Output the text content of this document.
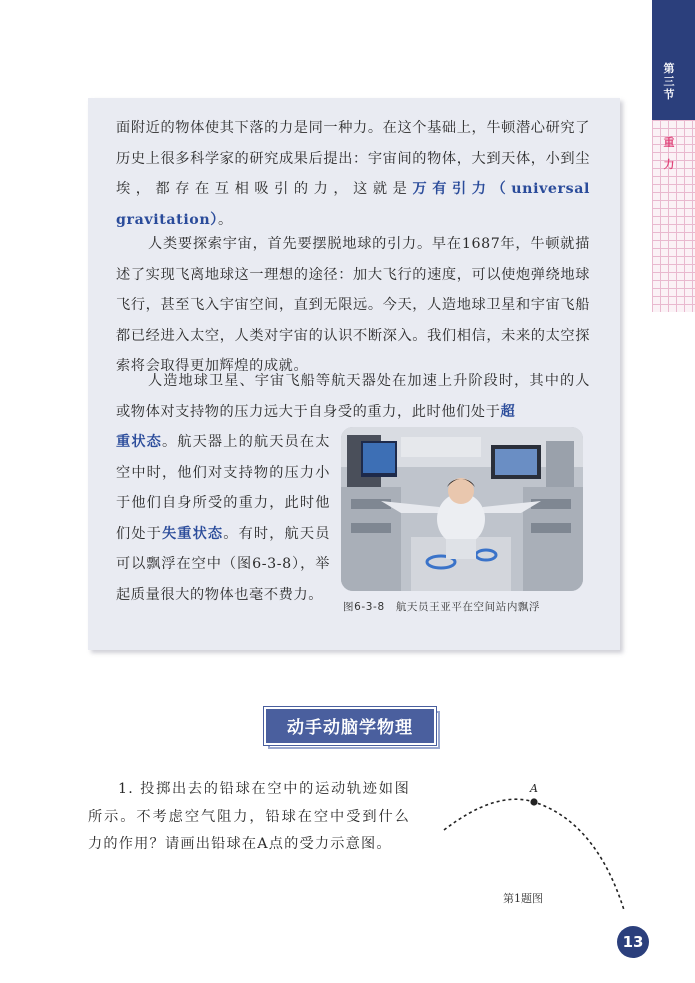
第三节
重力
面附近的物体使其下落的力是同一种力。在这个基础上，牛顿潜心研究了历史上很多科学家的研究成果后提出：宇宙间的物体，大到天体，小到尘埃，都存在互相吸引的力，这就是万有引力（universal gravitation）。
人类要探索宇宙，首先要摆脱地球的引力。早在1687年，牛顿就描述了实现飞离地球这一理想的途径：加大飞行的速度，可以使炮弹绕地球飞行，甚至飞入宇宙空间，直到无限远。今天，人造地球卫星和宇宙飞船都已经进入太空，人类对宇宙的认识不断深入。我们相信，未来的太空探索将会取得更加辉煌的成就。
人造地球卫星、宇宙飞船等航天器处在加速上升阶段时，其中的人或物体对支持物的压力远大于自身受的重力，此时他们处于超
重状态。航天器上的航天员在太空中时，他们对支持物的压力小于他们自身所受的重力，此时他们处于失重状态。有时，航天员可以飘浮在空中（图6-3-8），举起质量很大的物体也毫不费力。
图6-3-8　航天员王亚平在空间站内飘浮
动手动脑学物理
1. 投掷出去的铅球在空中的运动轨迹如图所示。不考虑空气阻力，铅球在空中受到什么力的作用？请画出铅球在A点的受力示意图。
A
第1题图
13
